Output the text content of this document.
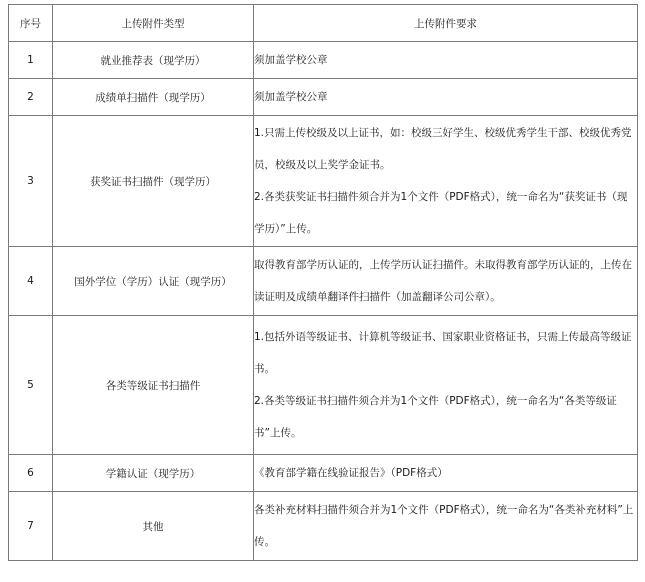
序号	上传附件类型	上传附件要求
1	就业推荐表（现学历）	须加盖学校公章

2	成绩单扫描件（现学历）	须加盖学校公章

3	获奖证书扫描件（现学历）	1.只需上传校级及以上证书，如：校级三好学生、校级优秀学生干部、校级优秀党员，校级及以上奖学金证书。

2.各类获奖证书扫描件须合并为1个文件（PDF格式），统一命名为“获奖证书（现学历）”上传。

4	国外学位（学历）认证（现学历）	取得教育部学历认证的，上传学历认证扫描件。未取得教育部学历认证的，上传在读证明及成绩单翻译件扫描件（加盖翻译公司公章）。

5	各类等级证书扫描件	1.包括外语等级证书、计算机等级证书、国家职业资格证书，只需上传最高等级证书。

2.各类等级证书扫描件须合并为1个文件（PDF格式），统一命名为“各类等级证书”上传。

6	学籍认证（现学历）	《教育部学籍在线验证报告》（PDF格式）

7	其他	各类补充材料扫描件须合并为1个文件（PDF格式），统一命名为“各类补充材料”上传。
